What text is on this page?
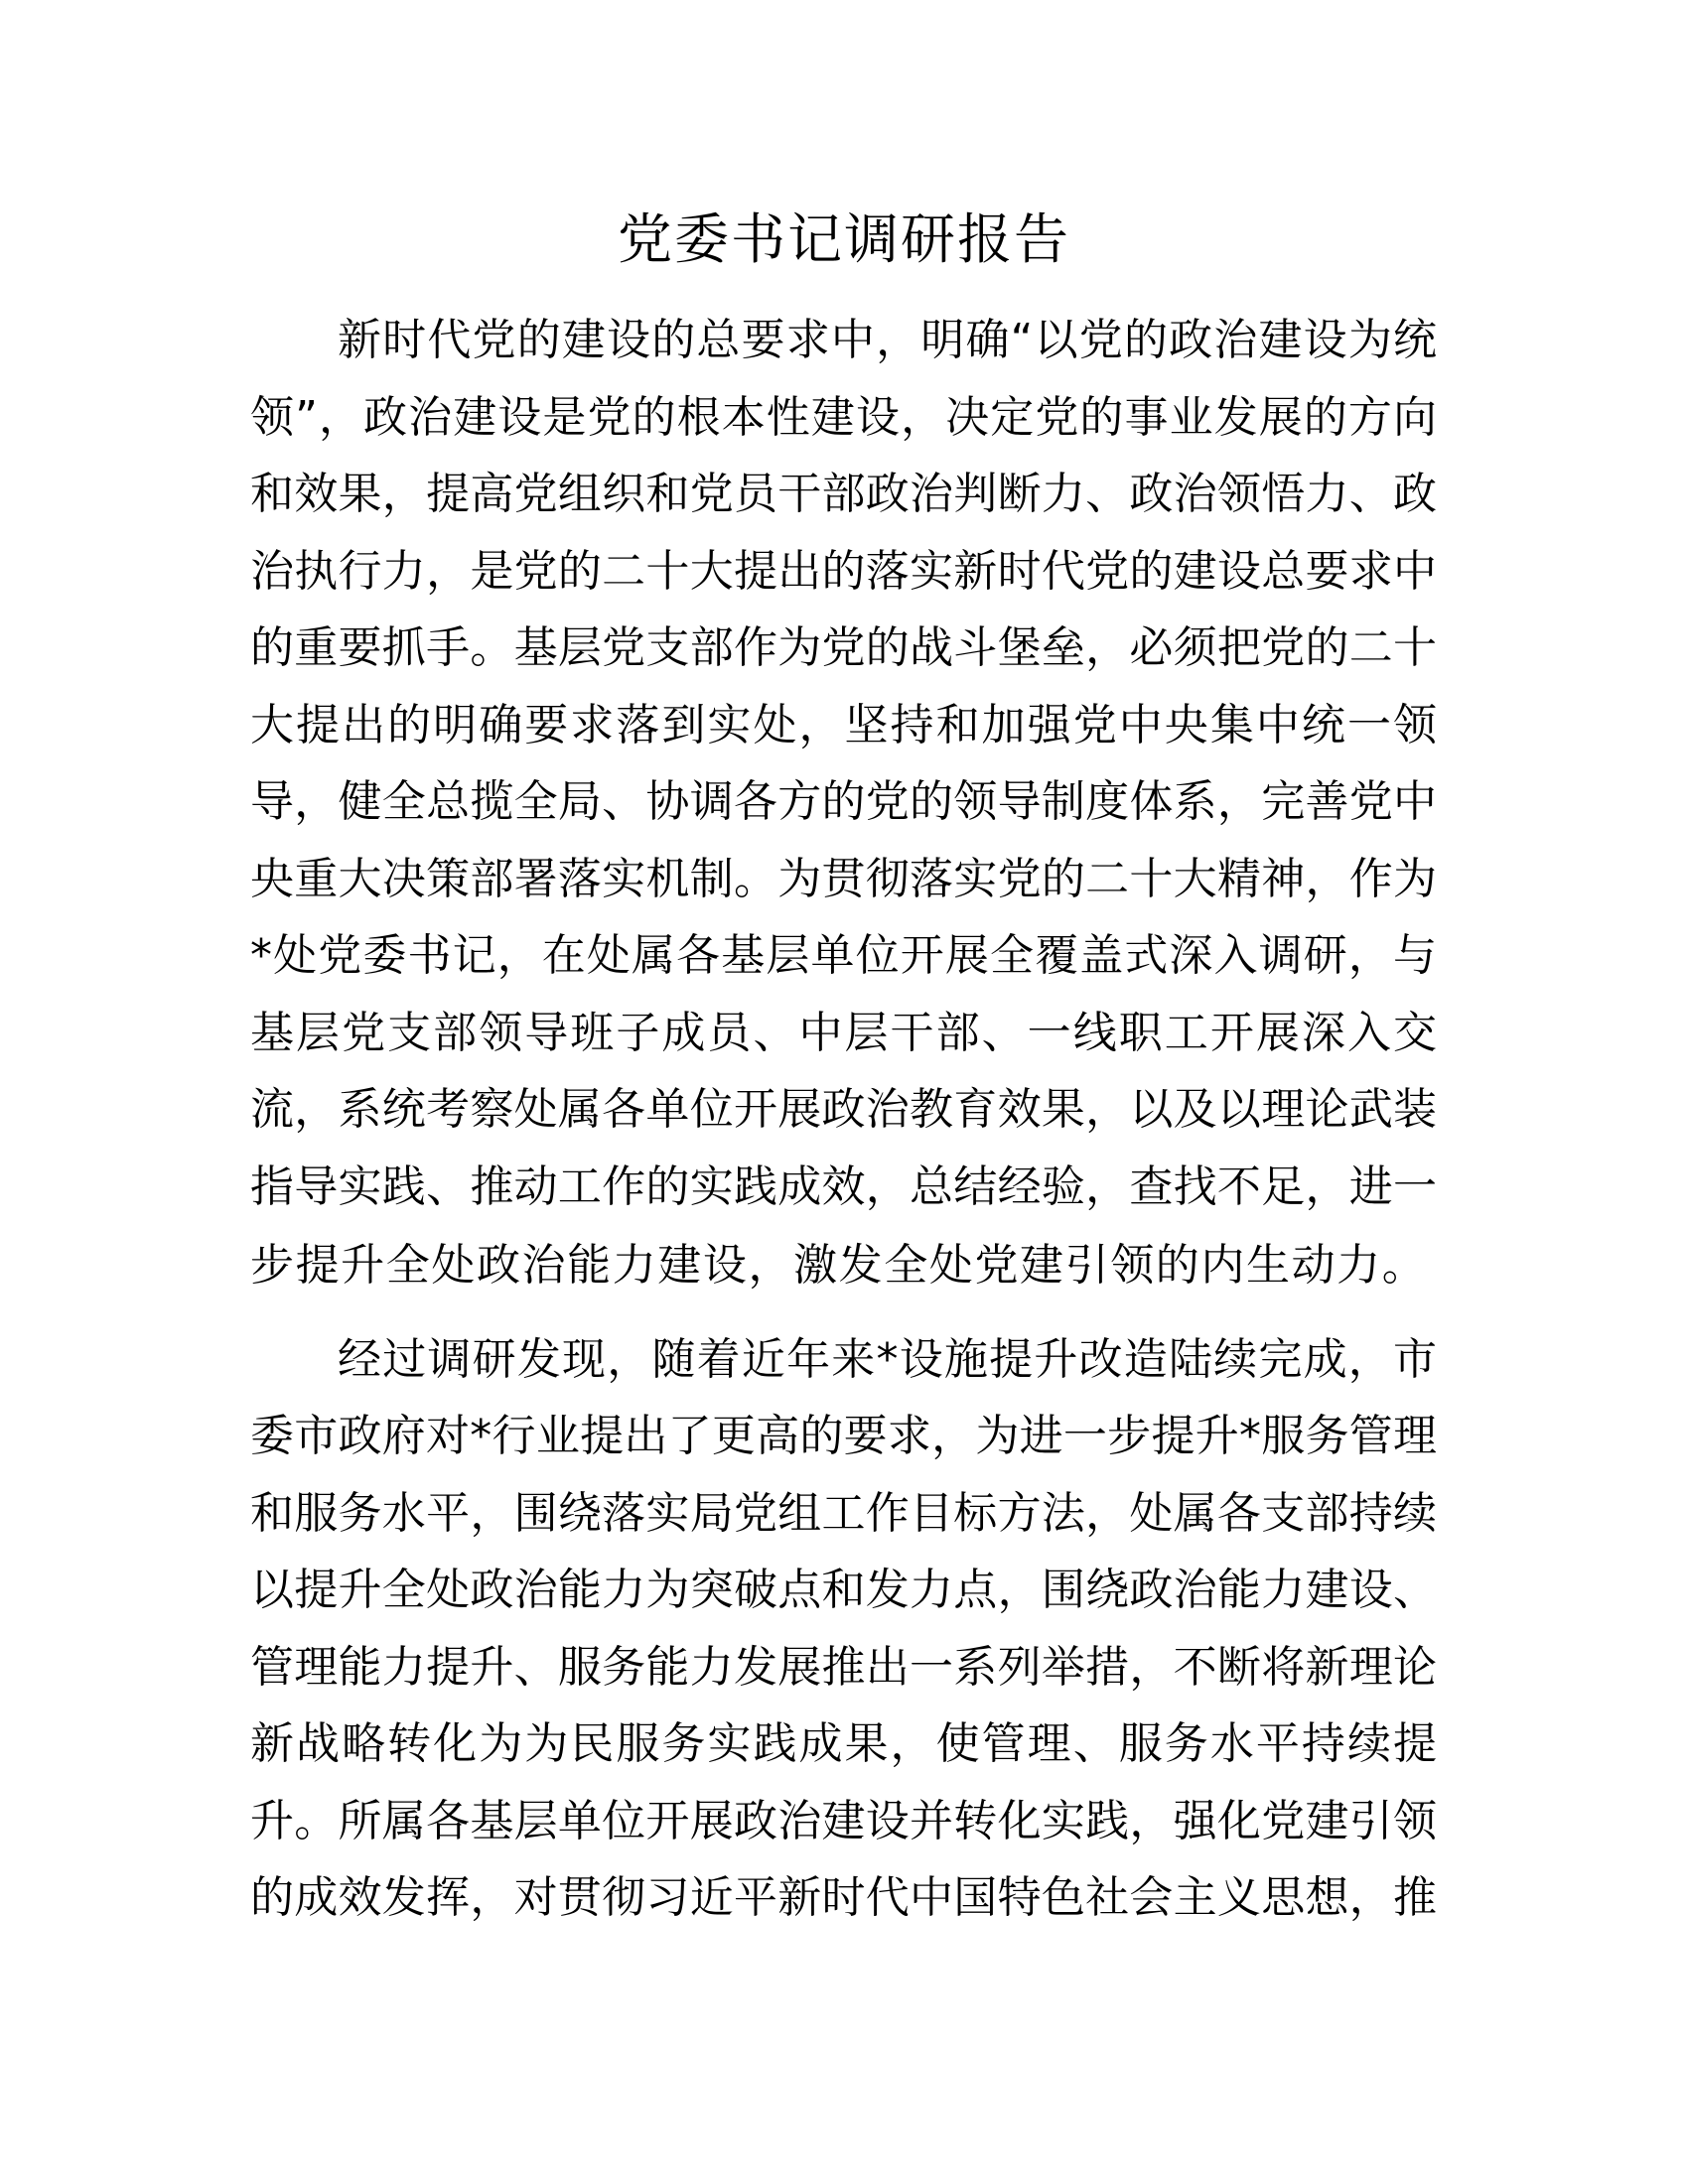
党委书记调研报告
新时代党的建设的总要求中，明确“以党的政治建设为统
领”，政治建设是党的根本性建设，决定党的事业发展的方向
和效果，提高党组织和党员干部政治判断力、政治领悟力、政
治执行力，是党的二十大提出的落实新时代党的建设总要求中
的重要抓手。基层党支部作为党的战斗堡垒，必须把党的二十
大提出的明确要求落到实处，坚持和加强党中央集中统一领
导，健全总揽全局、协调各方的党的领导制度体系，完善党中
央重大决策部署落实机制。为贯彻落实党的二十大精神，作为
*处党委书记，在处属各基层单位开展全覆盖式深入调研，与
基层党支部领导班子成员、中层干部、一线职工开展深入交
流，系统考察处属各单位开展政治教育效果，以及以理论武装
指导实践、推动工作的实践成效，总结经验，查找不足，进一
步提升全处政治能力建设，激发全处党建引领的内生动力。
经过调研发现，随着近年来*设施提升改造陆续完成，市
委市政府对*行业提出了更高的要求，为进一步提升*服务管理
和服务水平，围绕落实局党组工作目标方法，处属各支部持续
以提升全处政治能力为突破点和发力点，围绕政治能力建设、
管理能力提升、服务能力发展推出一系列举措，不断将新理论
新战略转化为为民服务实践成果，使管理、服务水平持续提
升。所属各基层单位开展政治建设并转化实践，强化党建引领
的成效发挥，对贯彻习近平新时代中国特色社会主义思想，推
